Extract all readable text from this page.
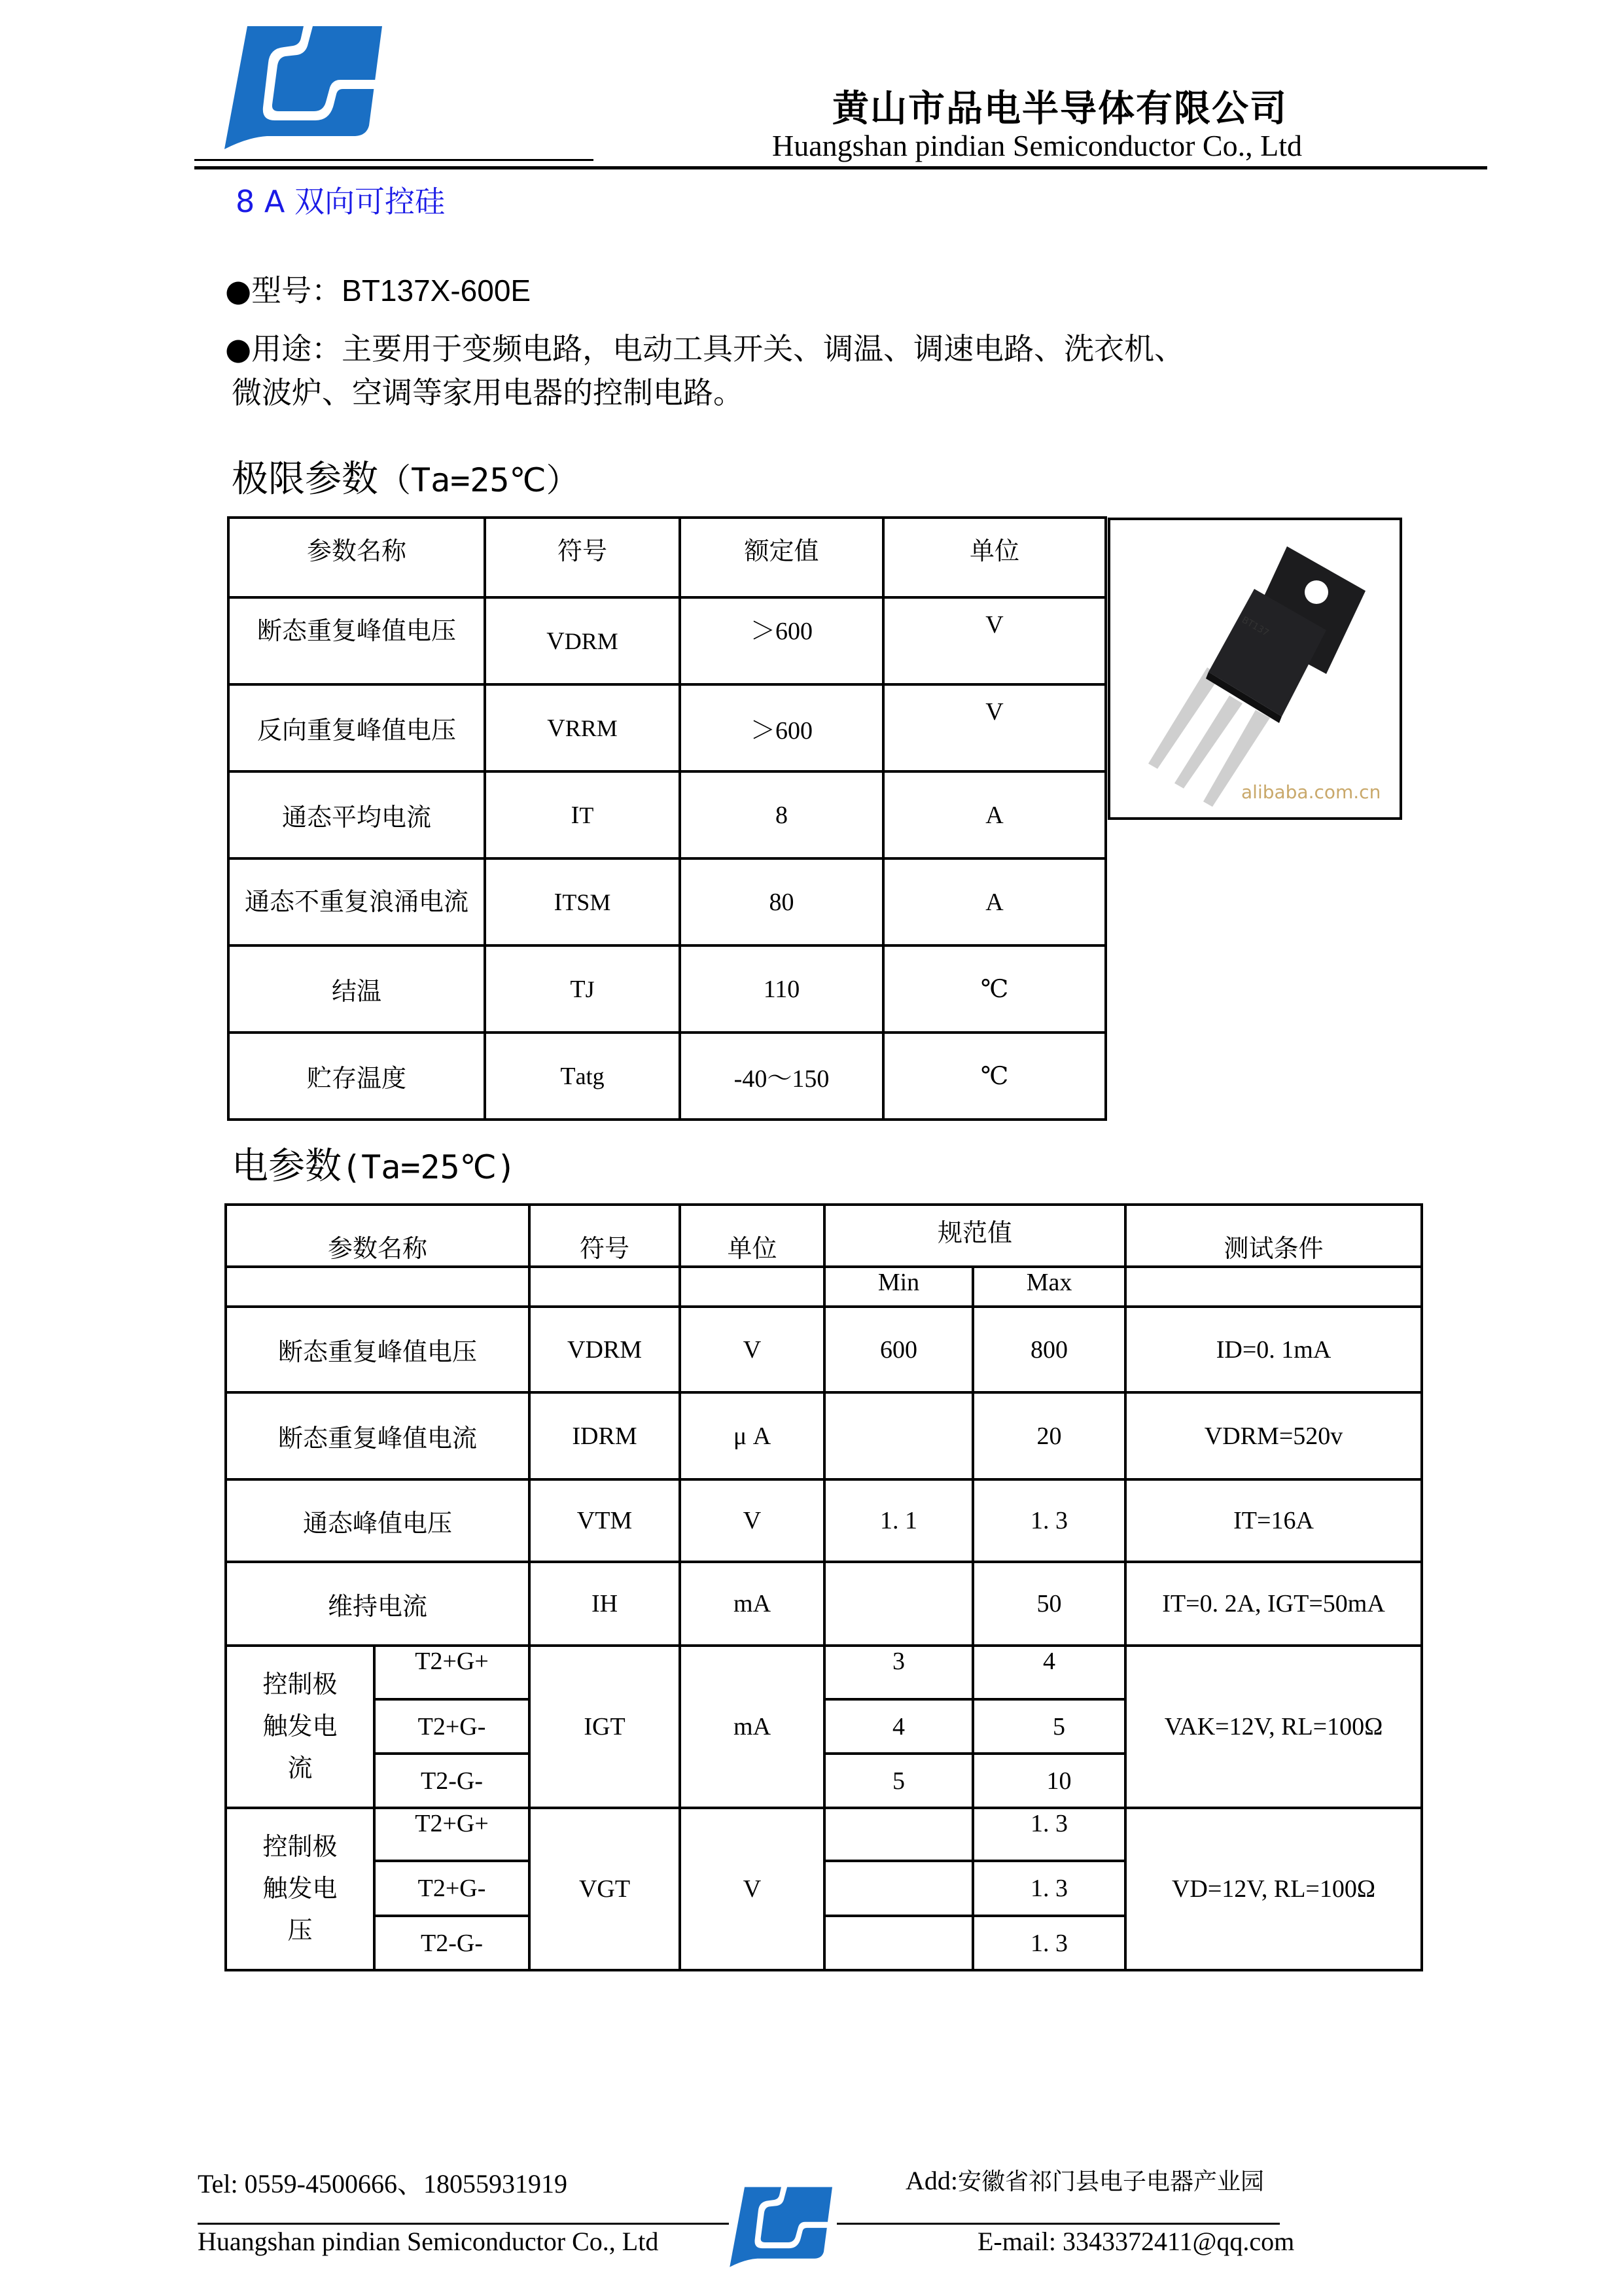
黄山市品电半导体有限公司
Huangshan pindian Semiconductor Co., Ltd
8 A 双向可控硅
●型号：BT137X-600E
●用途：主要用于变频电路，电动工具开关、调温、调速电路、洗衣机、
微波炉、空调等家用电器的控制电路。
极限参数（Ta=25℃）
参数名称	符号	额定值	单位
断态重复峰值电压	VDRM	＞600	V
反向重复峰值电压	VRRM	＞600	V
通态平均电流	IT	8	A
通态不重复浪涌电流	ITSM	80	A
结温	TJ	110	℃
贮存温度	Tatg	-40～150	℃
BT137
alibaba.com.cn
电参数(Ta=25℃)
参数名称		符号	单位	规范值		测试条件
				Min	Max	
断态重复峰值电压		VDRM	V	600	800	ID=0. 1mA
断态重复峰值电流		IDRM	μ A		20	VDRM=520v
通态峰值电压		VTM	V	1. 1	1. 3	IT=16A
维持电流		IH	mA		50	IT=0. 2A, IGT=50mA
控制极触发电流	T2+G+	IGT	mA	3	4	VAK=12V, RL=100Ω
	T2+G-			4	5	
	T2-G-			5	10	
控制极触发电压	T2+G+	VGT	V		1. 3	VD=12V, RL=100Ω
	T2+G-				1. 3	
	T2-G-				1. 3	
Tel: 0559-4500666、18055931919	Add:安徽省祁门县电子电器产业园
Huangshan pindian Semiconductor Co., Ltd	E-mail: 3343372411@qq.com
